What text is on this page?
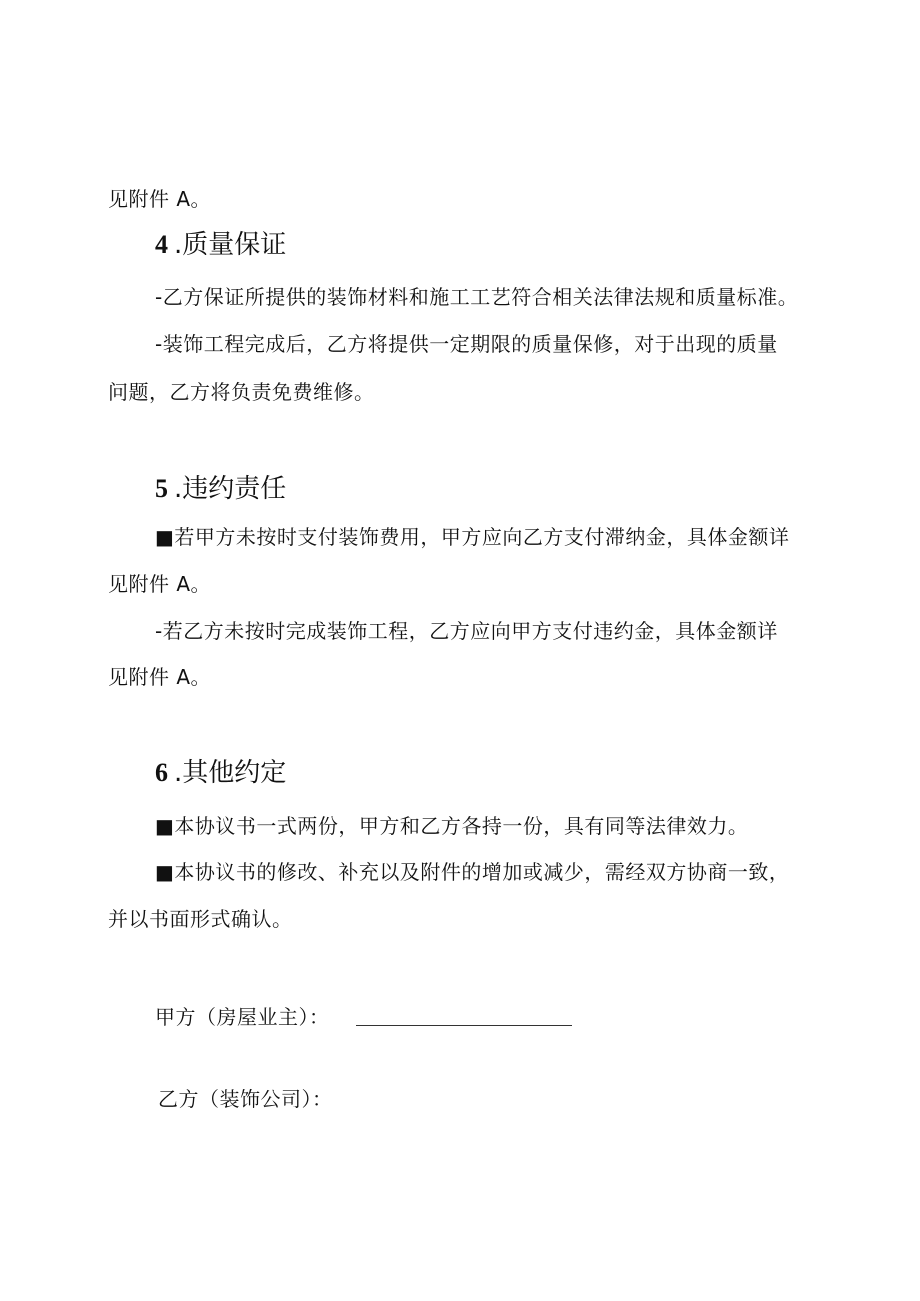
见附件 A。
4 .质量保证
-乙方保证所提供的装饰材料和施工工艺符合相关法律法规和质量标准。
-装饰工程完成后，乙方将提供一定期限的质量保修，对于出现的质量
问题，乙方将负责免费维修。
5 .违约责任
■若甲方未按时支付装饰费用，甲方应向乙方支付滞纳金，具体金额详
见附件 A。
-若乙方未按时完成装饰工程，乙方应向甲方支付违约金，具体金额详
见附件 A。
6 .其他约定
■本协议书一式两份，甲方和乙方各持一份，具有同等法律效力。
■本协议书的修改、补充以及附件的增加或减少，需经双方协商一致，
并以书面形式确认。
甲方（房屋业主）：
乙方（装饰公司）：
